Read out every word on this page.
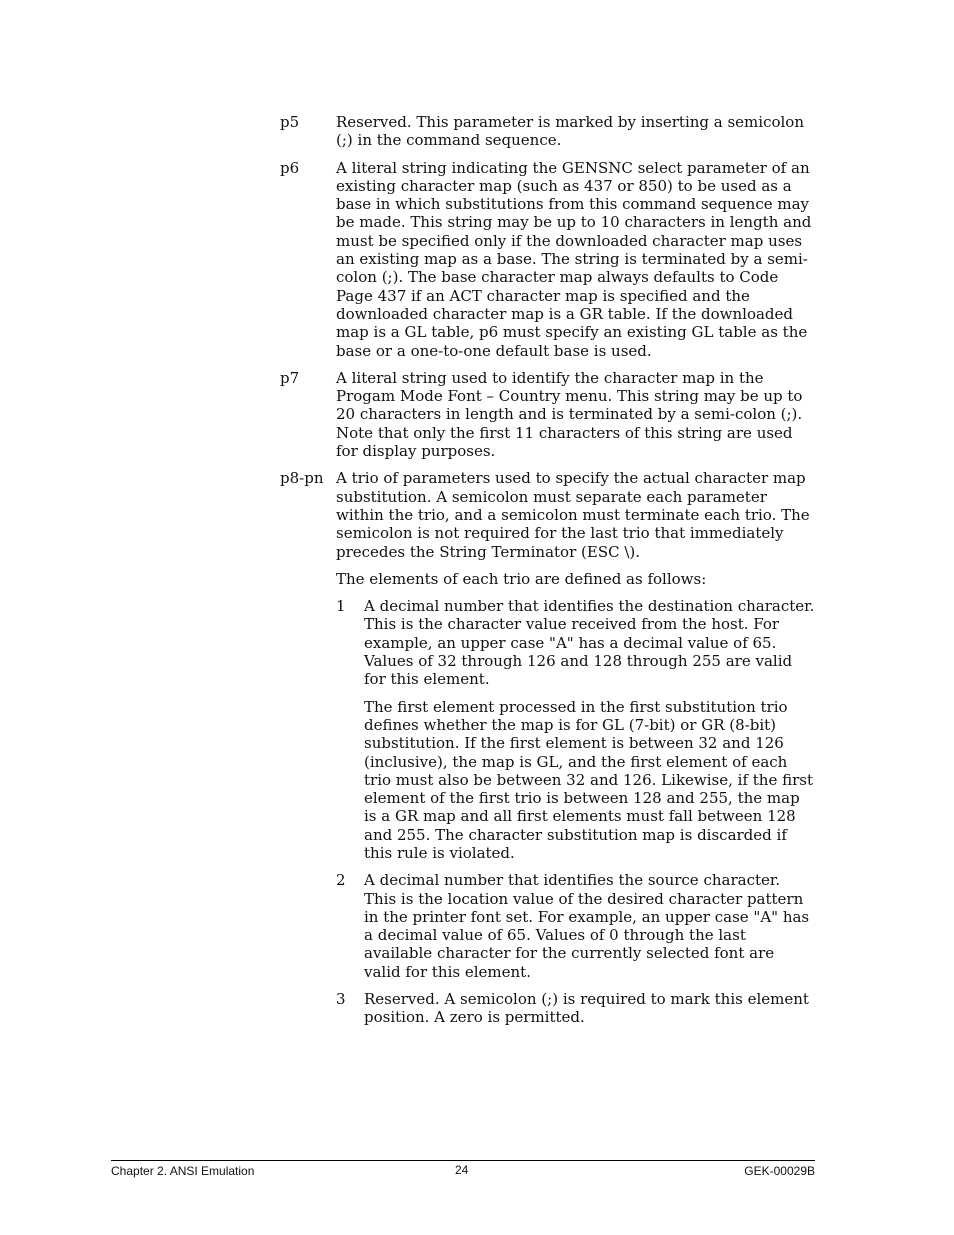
p5	Reserved. This parameter is marked by inserting a semicolon (;) in the command sequence.

p6	A literal string indicating the GENSNC select parameter of an existing character map (such as 437 or 850) to be used as a base in which substitutions from this command sequence may be made. This string may be up to 10 characters in length and must be specified only if the downloaded character map uses an existing map as a base. The string is terminated by a semi-colon (;). The base character map always defaults to Code Page 437 if an ACT character map is specified and the downloaded character map is a GR table. If the downloaded map is a GL table, p6 must specify an existing GL table as the base or a one-to-one default base is used.

p7	A literal string used to identify the character map in the Progam Mode Font – Country menu. This string may be up to 20 characters in length and is terminated by a semi-colon (;). Note that only the first 11 characters of this string are used for display purposes.

p8-pn A trio of parameters used to specify the actual character map substitution. A semicolon must separate each parameter within the trio, and a semicolon must terminate each trio. The semicolon is not required for the last trio that immediately precedes the String Terminator (ESC \).

The elements of each trio are defined as follows:

1	A decimal number that identifies the destination character. This is the character value received from the host. For example, an upper case "A" has a decimal value of 65. Values of 32 through 126 and 128 through 255 are valid for this element.

The first element processed in the first substitution trio defines whether the map is for GL (7-bit) or GR (8-bit) substitution. If the first element is between 32 and 126 (inclusive), the map is GL, and the first element of each trio must also be between 32 and 126. Likewise, if the first element of the first trio is between 128 and 255, the map is a GR map and all first elements must fall between 128 and 255. The character substitution map is discarded if this rule is violated.

2	A decimal number that identifies the source character. This is the location value of the desired character pattern in the printer font set. For example, an upper case "A" has a decimal value of 65. Values of 0 through the last available character for the currently selected font are valid for this element.

3	Reserved. A semicolon (;) is required to mark this element position. A zero is permitted.

Chapter 2. ANSI Emulation	24	GEK-00029B
